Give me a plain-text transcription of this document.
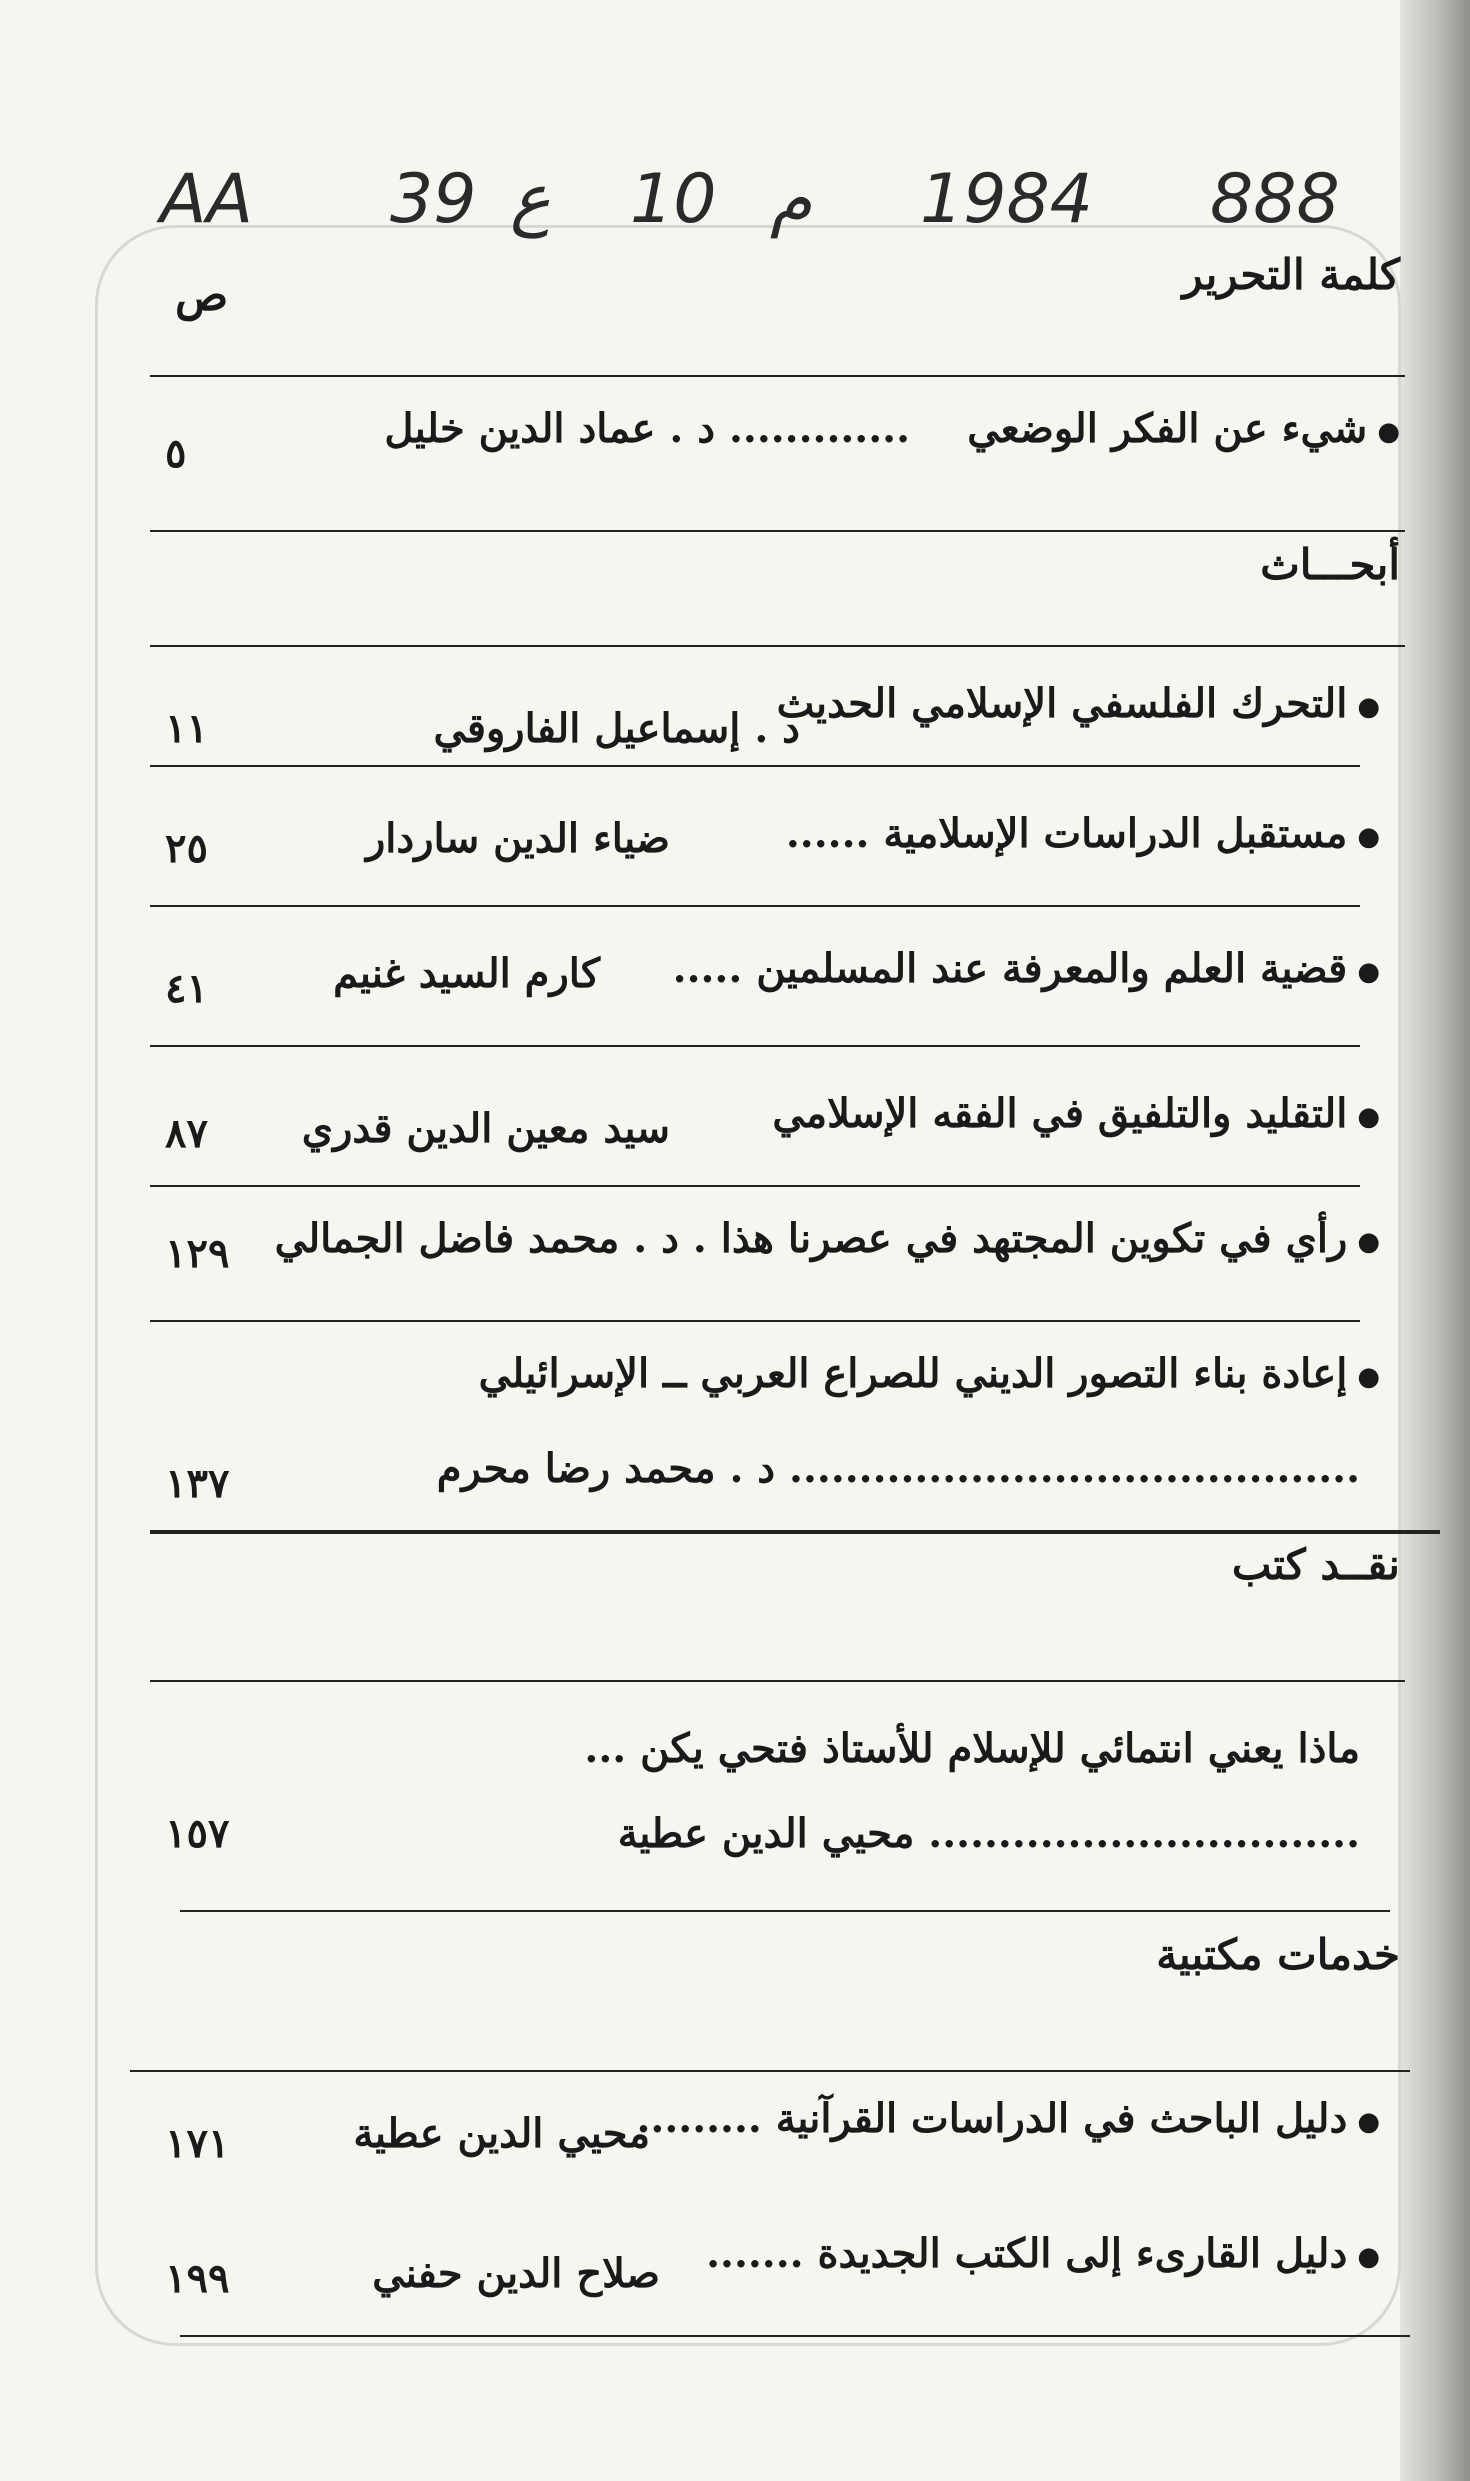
AA 39 ع 10 م 1984 888
كلمة التحرير
ص
●شيء عن الفكر الوضعي
............. د . عماد الدين خليل
٥
أبحـــاث
●التحرك الفلسفي الإسلامي الحديث
د . إسماعيل الفاروقي
١١
●مستقبل الدراسات الإسلامية ......
ضياء الدين ساردار
٢٥
●قضية العلم والمعرفة عند المسلمين .....
كارم السيد غنيم
٤١
●التقليد والتلفيق في الفقه الإسلامي
سيد معين الدين قدري
٨٧
●رأي في تكوين المجتهد في عصرنا هذا . د . محمد فاضل الجمالي
١٢٩
●إعادة بناء التصور الديني للصراع العربي ــ الإسرائيلي
......................................... د . محمد رضا محرم
١٣٧
نقــد كتب
ماذا يعني انتمائي للإسلام للأستاذ فتحي يكن ...
............................... محيي الدين عطية
١٥٧
خدمات مكتبية
●دليل الباحث في الدراسات القرآنية .........
محيي الدين عطية
١٧١
●دليل القارىء إلى الكتب الجديدة .......
صلاح الدين حفني
١٩٩
